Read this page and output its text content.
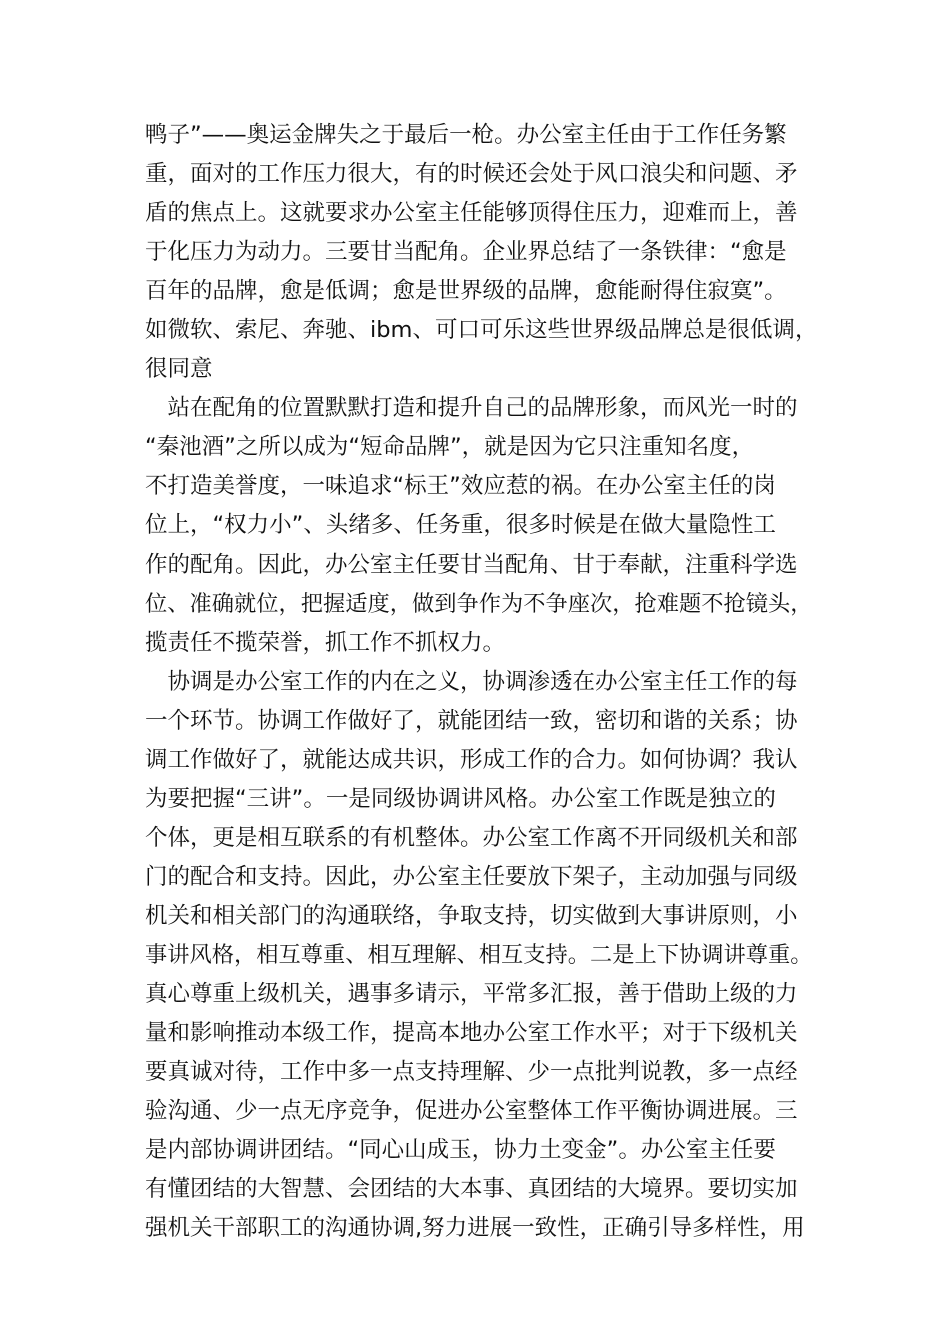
鸭子”——奥运金牌失之于最后一枪。办公室主任由于工作任务繁
重，面对的工作压力很大，有的时候还会处于风口浪尖和问题、矛
盾的焦点上。这就要求办公室主任能够顶得住压力，迎难而上，善
于化压力为动力。三要甘当配角。企业界总结了一条铁律：“愈是
百年的品牌，愈是低调；愈是世界级的品牌，愈能耐得住寂寞”。
如微软、索尼、奔驰、ibm、可口可乐这些世界级品牌总是很低调，
很同意
　站在配角的位置默默打造和提升自己的品牌形象，而风光一时的
“秦池酒”之所以成为“短命品牌”，就是因为它只注重知名度，
不打造美誉度，一味追求“标王”效应惹的祸。在办公室主任的岗
位上，“权力小”、头绪多、任务重，很多时候是在做大量隐性工
作的配角。因此，办公室主任要甘当配角、甘于奉献，注重科学选
位、准确就位，把握适度，做到争作为不争座次，抢难题不抢镜头，
揽责任不揽荣誉，抓工作不抓权力。
　协调是办公室工作的内在之义，协调渗透在办公室主任工作的每
一个环节。协调工作做好了，就能团结一致，密切和谐的关系；协
调工作做好了，就能达成共识，形成工作的合力。如何协调？我认
为要把握“三讲”。一是同级协调讲风格。办公室工作既是独立的
个体，更是相互联系的有机整体。办公室工作离不开同级机关和部
门的配合和支持。因此，办公室主任要放下架子，主动加强与同级
机关和相关部门的沟通联络，争取支持，切实做到大事讲原则，小
事讲风格，相互尊重、相互理解、相互支持。二是上下协调讲尊重。
真心尊重上级机关，遇事多请示，平常多汇报，善于借助上级的力
量和影响推动本级工作，提高本地办公室工作水平；对于下级机关
要真诚对待，工作中多一点支持理解、少一点批判说教，多一点经
验沟通、少一点无序竞争，促进办公室整体工作平衡协调进展。三
是内部协调讲团结。“同心山成玉，协力土变金”。办公室主任要
有懂团结的大智慧、会团结的大本事、真团结的大境界。要切实加
强机关干部职工的沟通协调,努力进展一致性，正确引导多样性，用
